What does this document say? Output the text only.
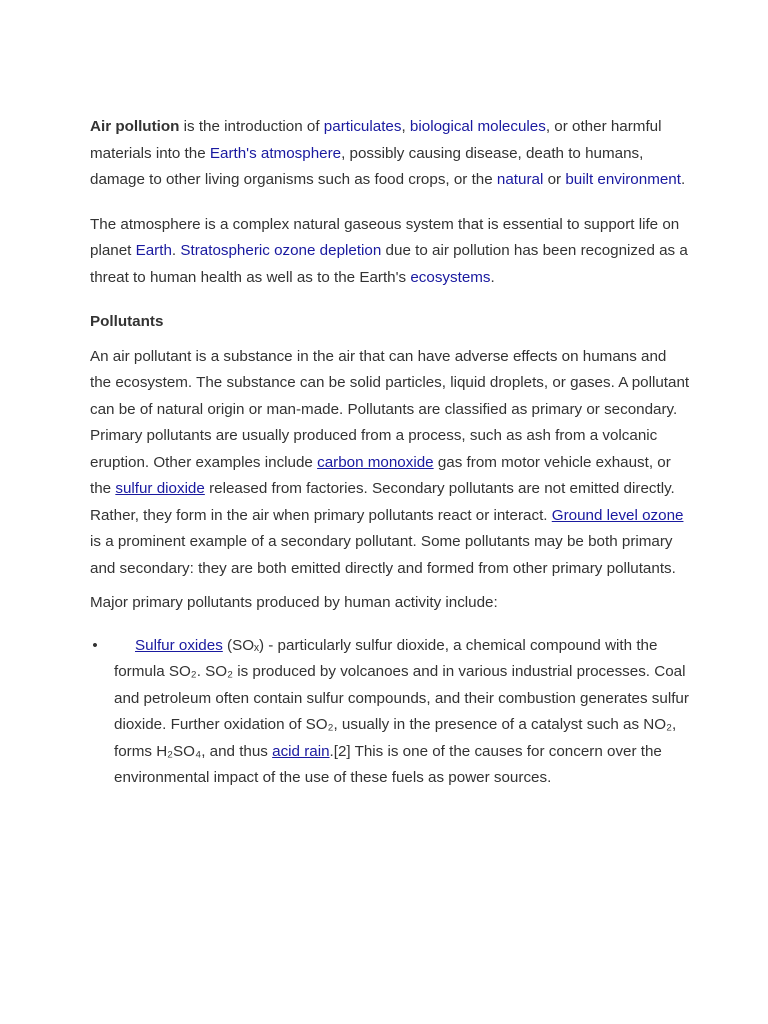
Air pollution is the introduction of particulates, biological molecules, or other harmful materials into the Earth's atmosphere, possibly causing disease, death to humans, damage to other living organisms such as food crops, or the natural or built environment.

The atmosphere is a complex natural gaseous system that is essential to support life on planet Earth. Stratospheric ozone depletion due to air pollution has been recognized as a threat to human health as well as to the Earth's ecosystems.

Pollutants

An air pollutant is a substance in the air that can have adverse effects on humans and the ecosystem. The substance can be solid particles, liquid droplets, or gases. A pollutant can be of natural origin or man-made. Pollutants are classified as primary or secondary. Primary pollutants are usually produced from a process, such as ash from a volcanic eruption. Other examples include carbon monoxide gas from motor vehicle exhaust, or the sulfur dioxide released from factories. Secondary pollutants are not emitted directly. Rather, they form in the air when primary pollutants react or interact. Ground level ozone is a prominent example of a secondary pollutant. Some pollutants may be both primary and secondary: they are both emitted directly and formed from other primary pollutants.

Major primary pollutants produced by human activity include:

• Sulfur oxides (SOₓ) - particularly sulfur dioxide, a chemical compound with the formula SO₂. SO₂ is produced by volcanoes and in various industrial processes. Coal and petroleum often contain sulfur compounds, and their combustion generates sulfur dioxide. Further oxidation of SO₂, usually in the presence of a catalyst such as NO₂, forms H₂SO₄, and thus acid rain.[2] This is one of the causes for concern over the environmental impact of the use of these fuels as power sources.
